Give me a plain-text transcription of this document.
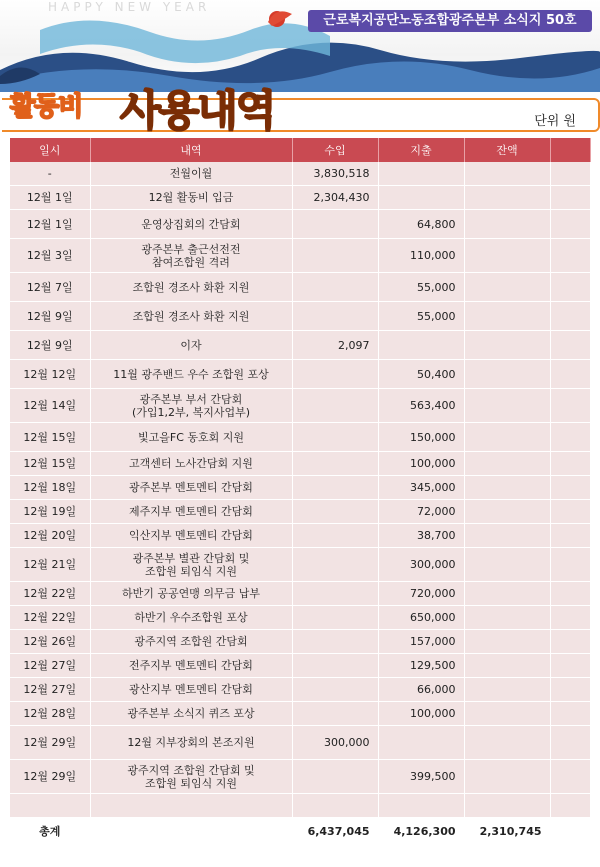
HAPPY NEW YEAR
근로복지공단노동조합광주본부 소식지 50호
활동비 사용내역	단위 원
일시	내역	수입	지출	잔액	
-	전월이월	3,830,518			
12월 1일	12월 활동비 입금	2,304,430			
12월 1일	운영상집회의 간담회		64,800		
12월 3일	광주본부 출근선전전
참여조합원 격려		110,000		
12월 7일	조합원 경조사 화환 지원		55,000		
12월 9일	조합원 경조사 화환 지원		55,000		
12월 9일	이자	2,097			
12월 12일	11월 광주밴드 우수 조합원 포상		50,400		
12월 14일	광주본부 부서 간담회
(가입1,2부, 복지사업부)		563,400		
12월 15일	빛고을FC 동호회 지원		150,000		
12월 15일	고객센터 노사간담회 지원		100,000		
12월 18일	광주본부 멘토멘티 간담회		345,000		
12월 19일	제주지부 멘토멘티 간담회		72,000		
12월 20일	익산지부 멘토멘티 간담회		38,700		
12월 21일	광주본부 별관 간담회 및
조합원 퇴임식 지원		300,000		
12월 22일	하반기 공공연맹 의무금 납부		720,000		
12월 22일	하반기 우수조합원 포상		650,000		
12월 26일	광주지역 조합원 간담회		157,000		
12월 27일	전주지부 멘토멘티 간담회		129,500		
12월 27일	광산지부 멘토멘티 간담회		66,000		
12월 28일	광주본부 소식지 퀴즈 포상		100,000		
12월 29일	12월 지부장회의 본조지원	300,000			
12월 29일	광주지역 조합원 간담회 및
조합원 퇴임식 지원		399,500		

총계		6,437,045	4,126,300	2,310,745	
